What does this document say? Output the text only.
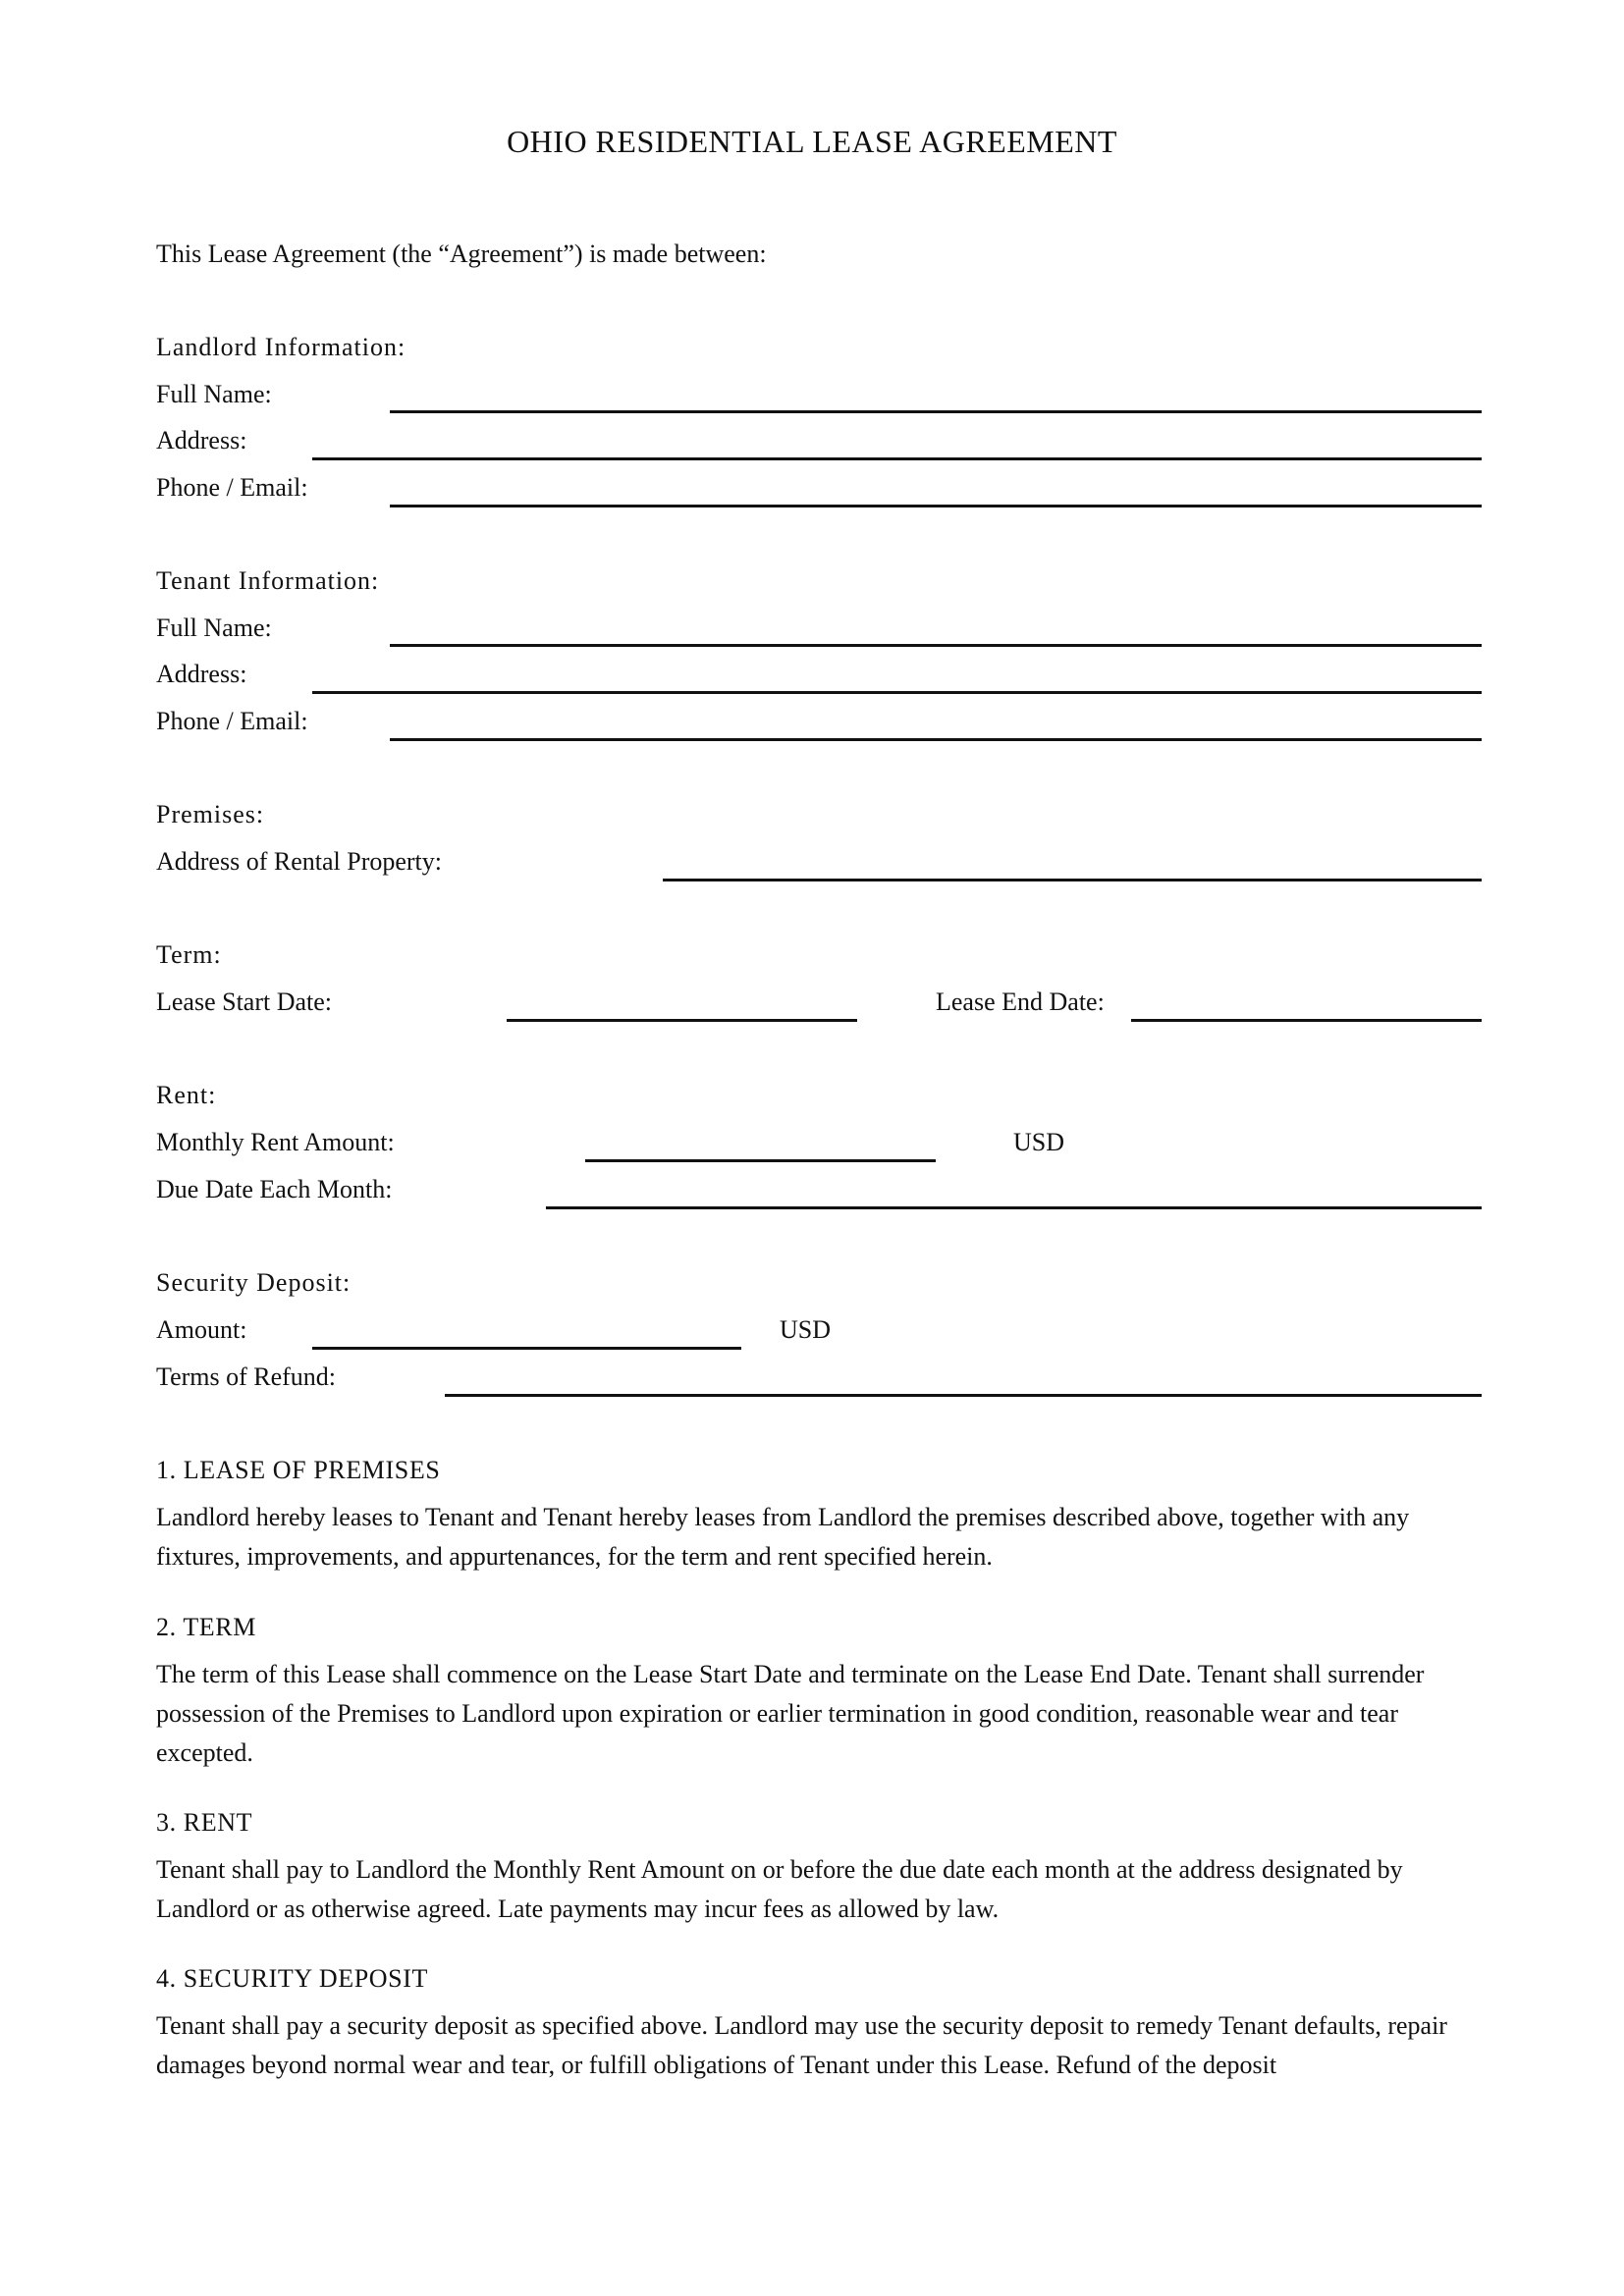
OHIO RESIDENTIAL LEASE AGREEMENT
This Lease Agreement (the “Agreement”) is made between:
Landlord Information:
Full Name:
Address:
Phone / Email:
Tenant Information:
Full Name:
Address:
Phone / Email:
Premises:
Address of Rental Property:
Term:
Lease Start Date:	Lease End Date:
Rent:
Monthly Rent Amount:	USD
Due Date Each Month:
Security Deposit:
Amount:	USD
Terms of Refund:
1. LEASE OF PREMISES
Landlord hereby leases to Tenant and Tenant hereby leases from Landlord the premises described above, together with any fixtures, improvements, and appurtenances, for the term and rent specified herein.
2. TERM
The term of this Lease shall commence on the Lease Start Date and terminate on the Lease End Date. Tenant shall surrender possession of the Premises to Landlord upon expiration or earlier termination in good condition, reasonable wear and tear excepted.
3. RENT
Tenant shall pay to Landlord the Monthly Rent Amount on or before the due date each month at the address designated by Landlord or as otherwise agreed. Late payments may incur fees as allowed by law.
4. SECURITY DEPOSIT
Tenant shall pay a security deposit as specified above. Landlord may use the security deposit to remedy Tenant defaults, repair damages beyond normal wear and tear, or fulfill obligations of Tenant under this Lease. Refund of the deposit
